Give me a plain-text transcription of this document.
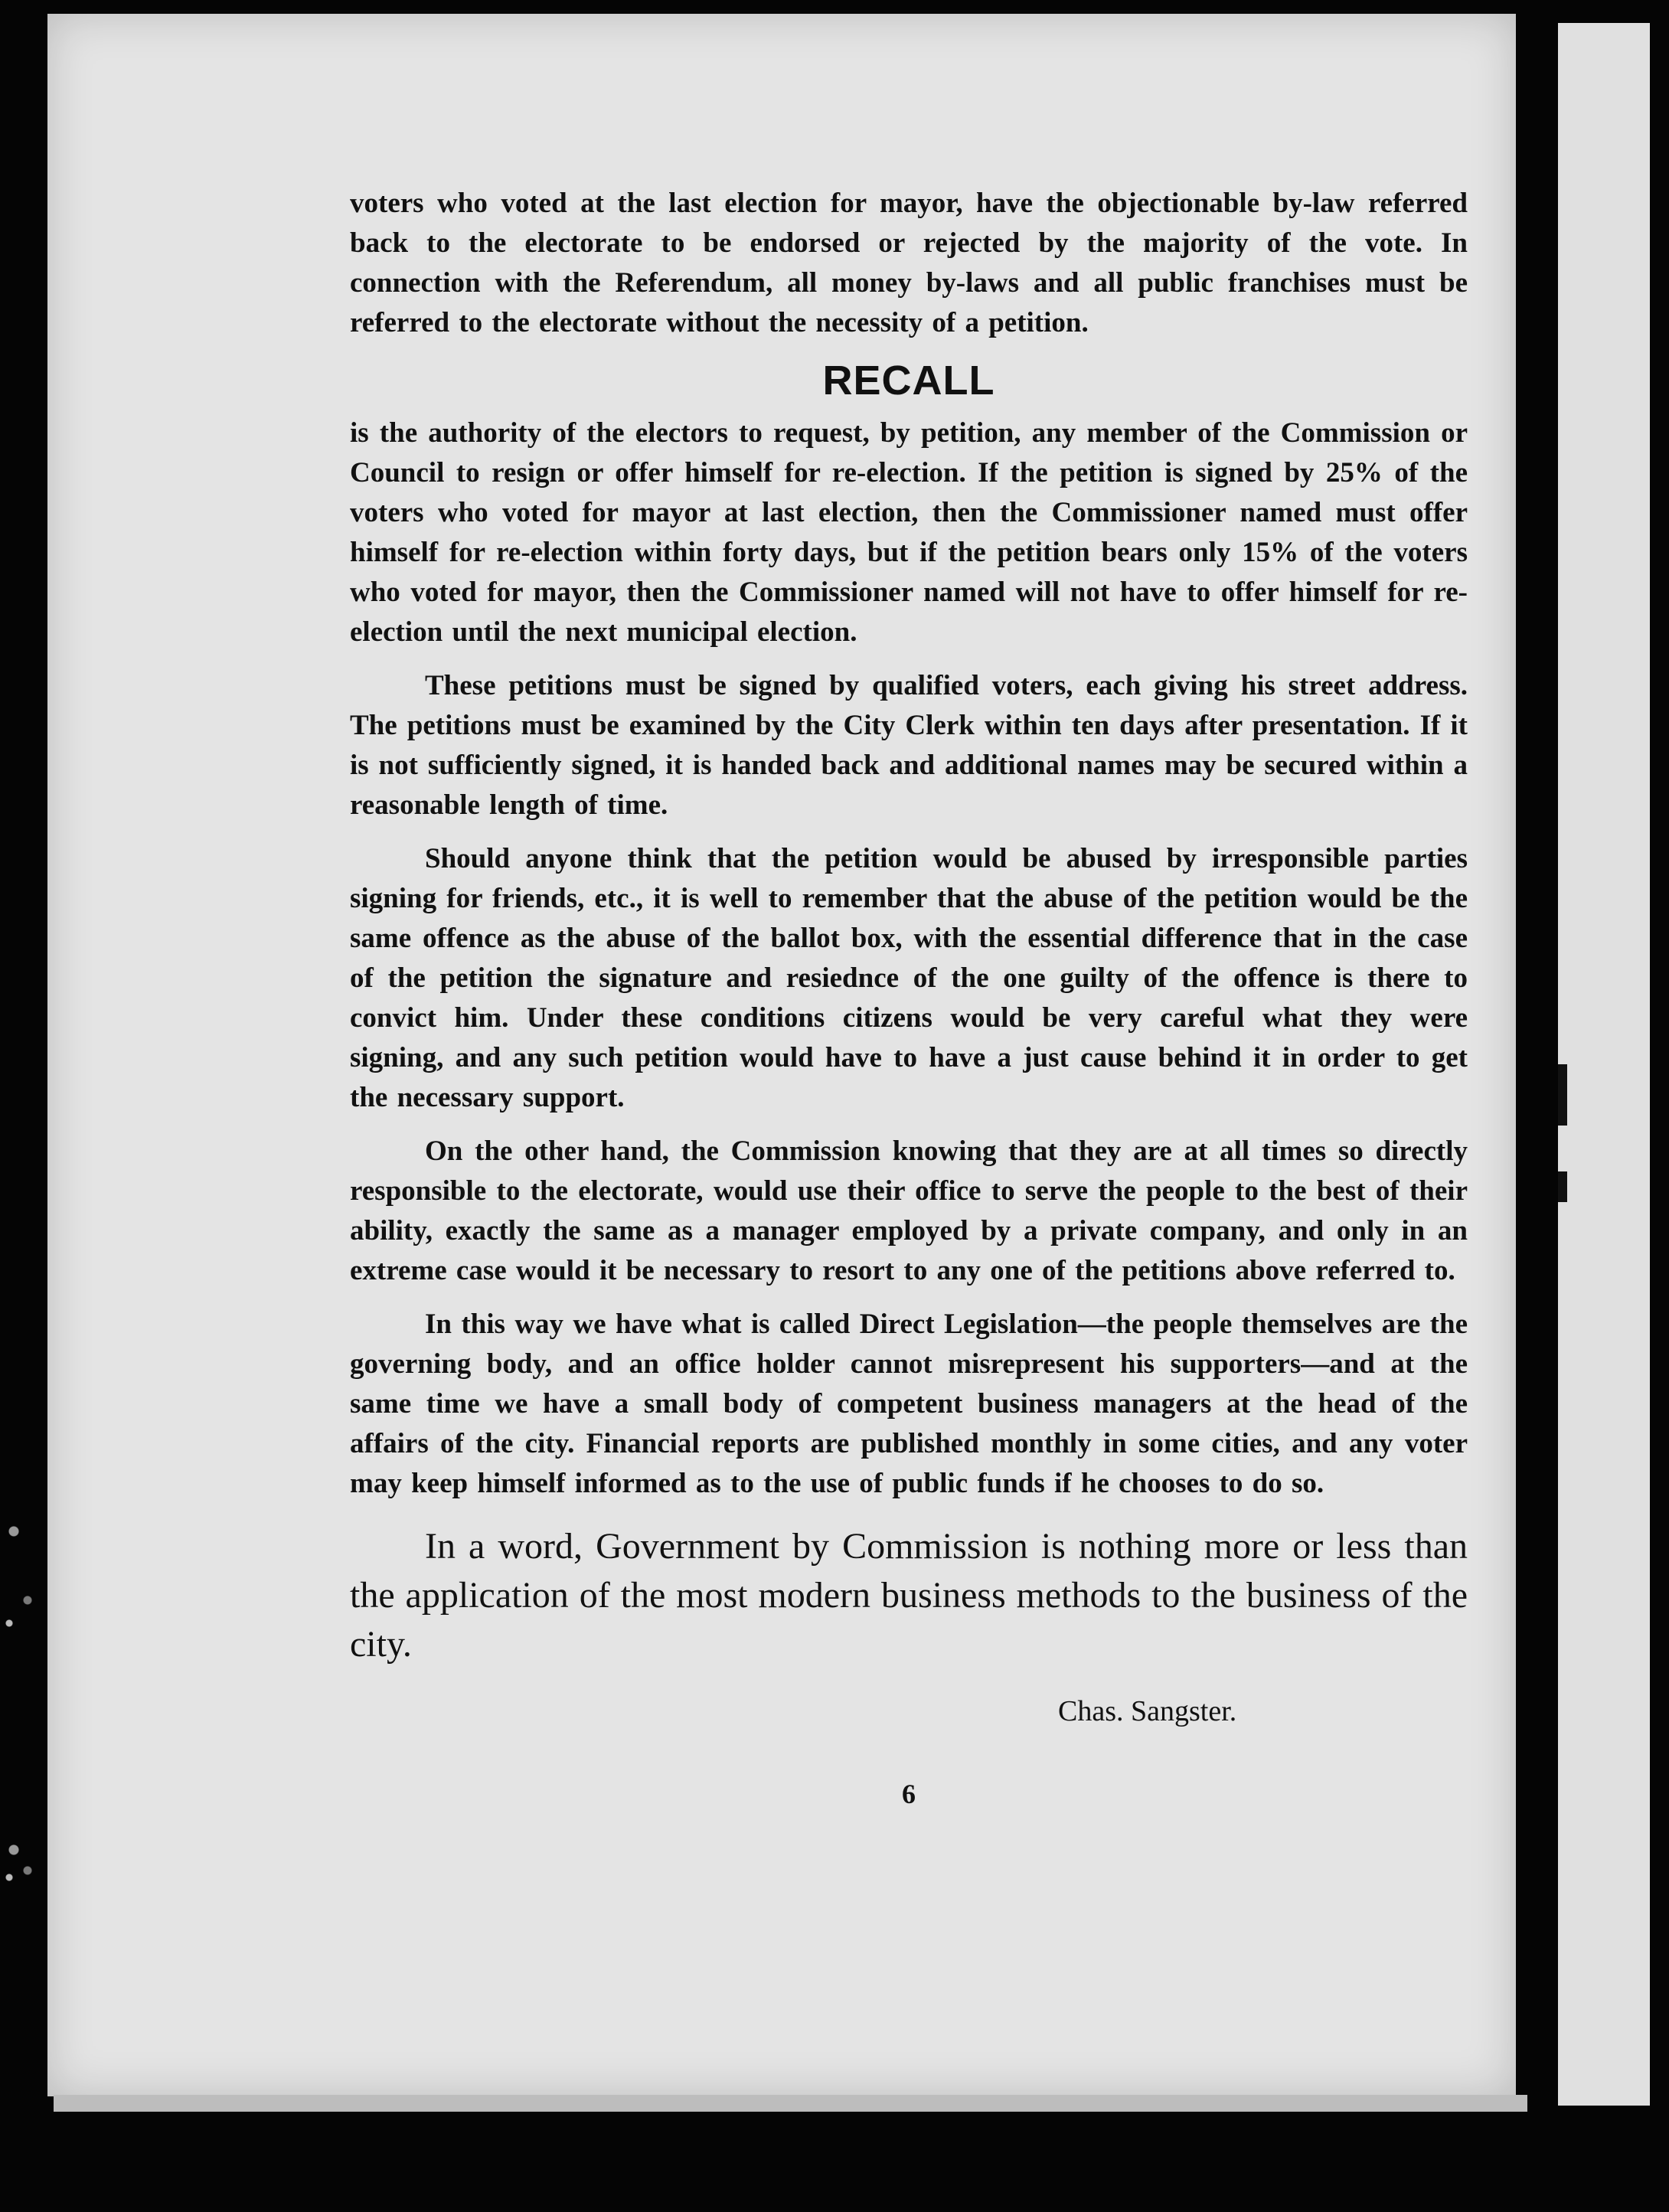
voters who voted at the last election for mayor, have the objectionable by-law referred back to the electorate to be endorsed or rejected by the majority of the vote. In connection with the Referendum, all money by-laws and all public franchises must be referred to the electorate without the necessity of a petition.

RECALL

is the authority of the electors to request, by petition, any member of the Commission or Council to resign or offer himself for re-election. If the petition is signed by 25% of the voters who voted for mayor at last election, then the Commissioner named must offer himself for re-election within forty days, but if the petition bears only 15% of the voters who voted for mayor, then the Commissioner named will not have to offer himself for re-election until the next municipal election.

These petitions must be signed by qualified voters, each giving his street address. The petitions must be examined by the City Clerk within ten days after presentation. If it is not sufficiently signed, it is handed back and additional names may be secured within a reasonable length of time.

Should anyone think that the petition would be abused by irresponsible parties signing for friends, etc., it is well to remember that the abuse of the petition would be the same offence as the abuse of the ballot box, with the essential difference that in the case of the petition the signature and resiednce of the one guilty of the offence is there to convict him. Under these conditions citizens would be very careful what they were signing, and any such petition would have to have a just cause behind it in order to get the necessary support.

On the other hand, the Commission knowing that they are at all times so directly responsible to the electorate, would use their office to serve the people to the best of their ability, exactly the same as a manager employed by a private company, and only in an extreme case would it be necessary to resort to any one of the petitions above referred to.

In this way we have what is called Direct Legislation—the people themselves are the governing body, and an office holder cannot misrepresent his supporters—and at the same time we have a small body of competent business managers at the head of the affairs of the city. Financial reports are published monthly in some cities, and any voter may keep himself informed as to the use of public funds if he chooses to do so.

In a word, Government by Commission is nothing more or less than the application of the most modern business methods to the business of the city.

Chas. Sangster.

6
